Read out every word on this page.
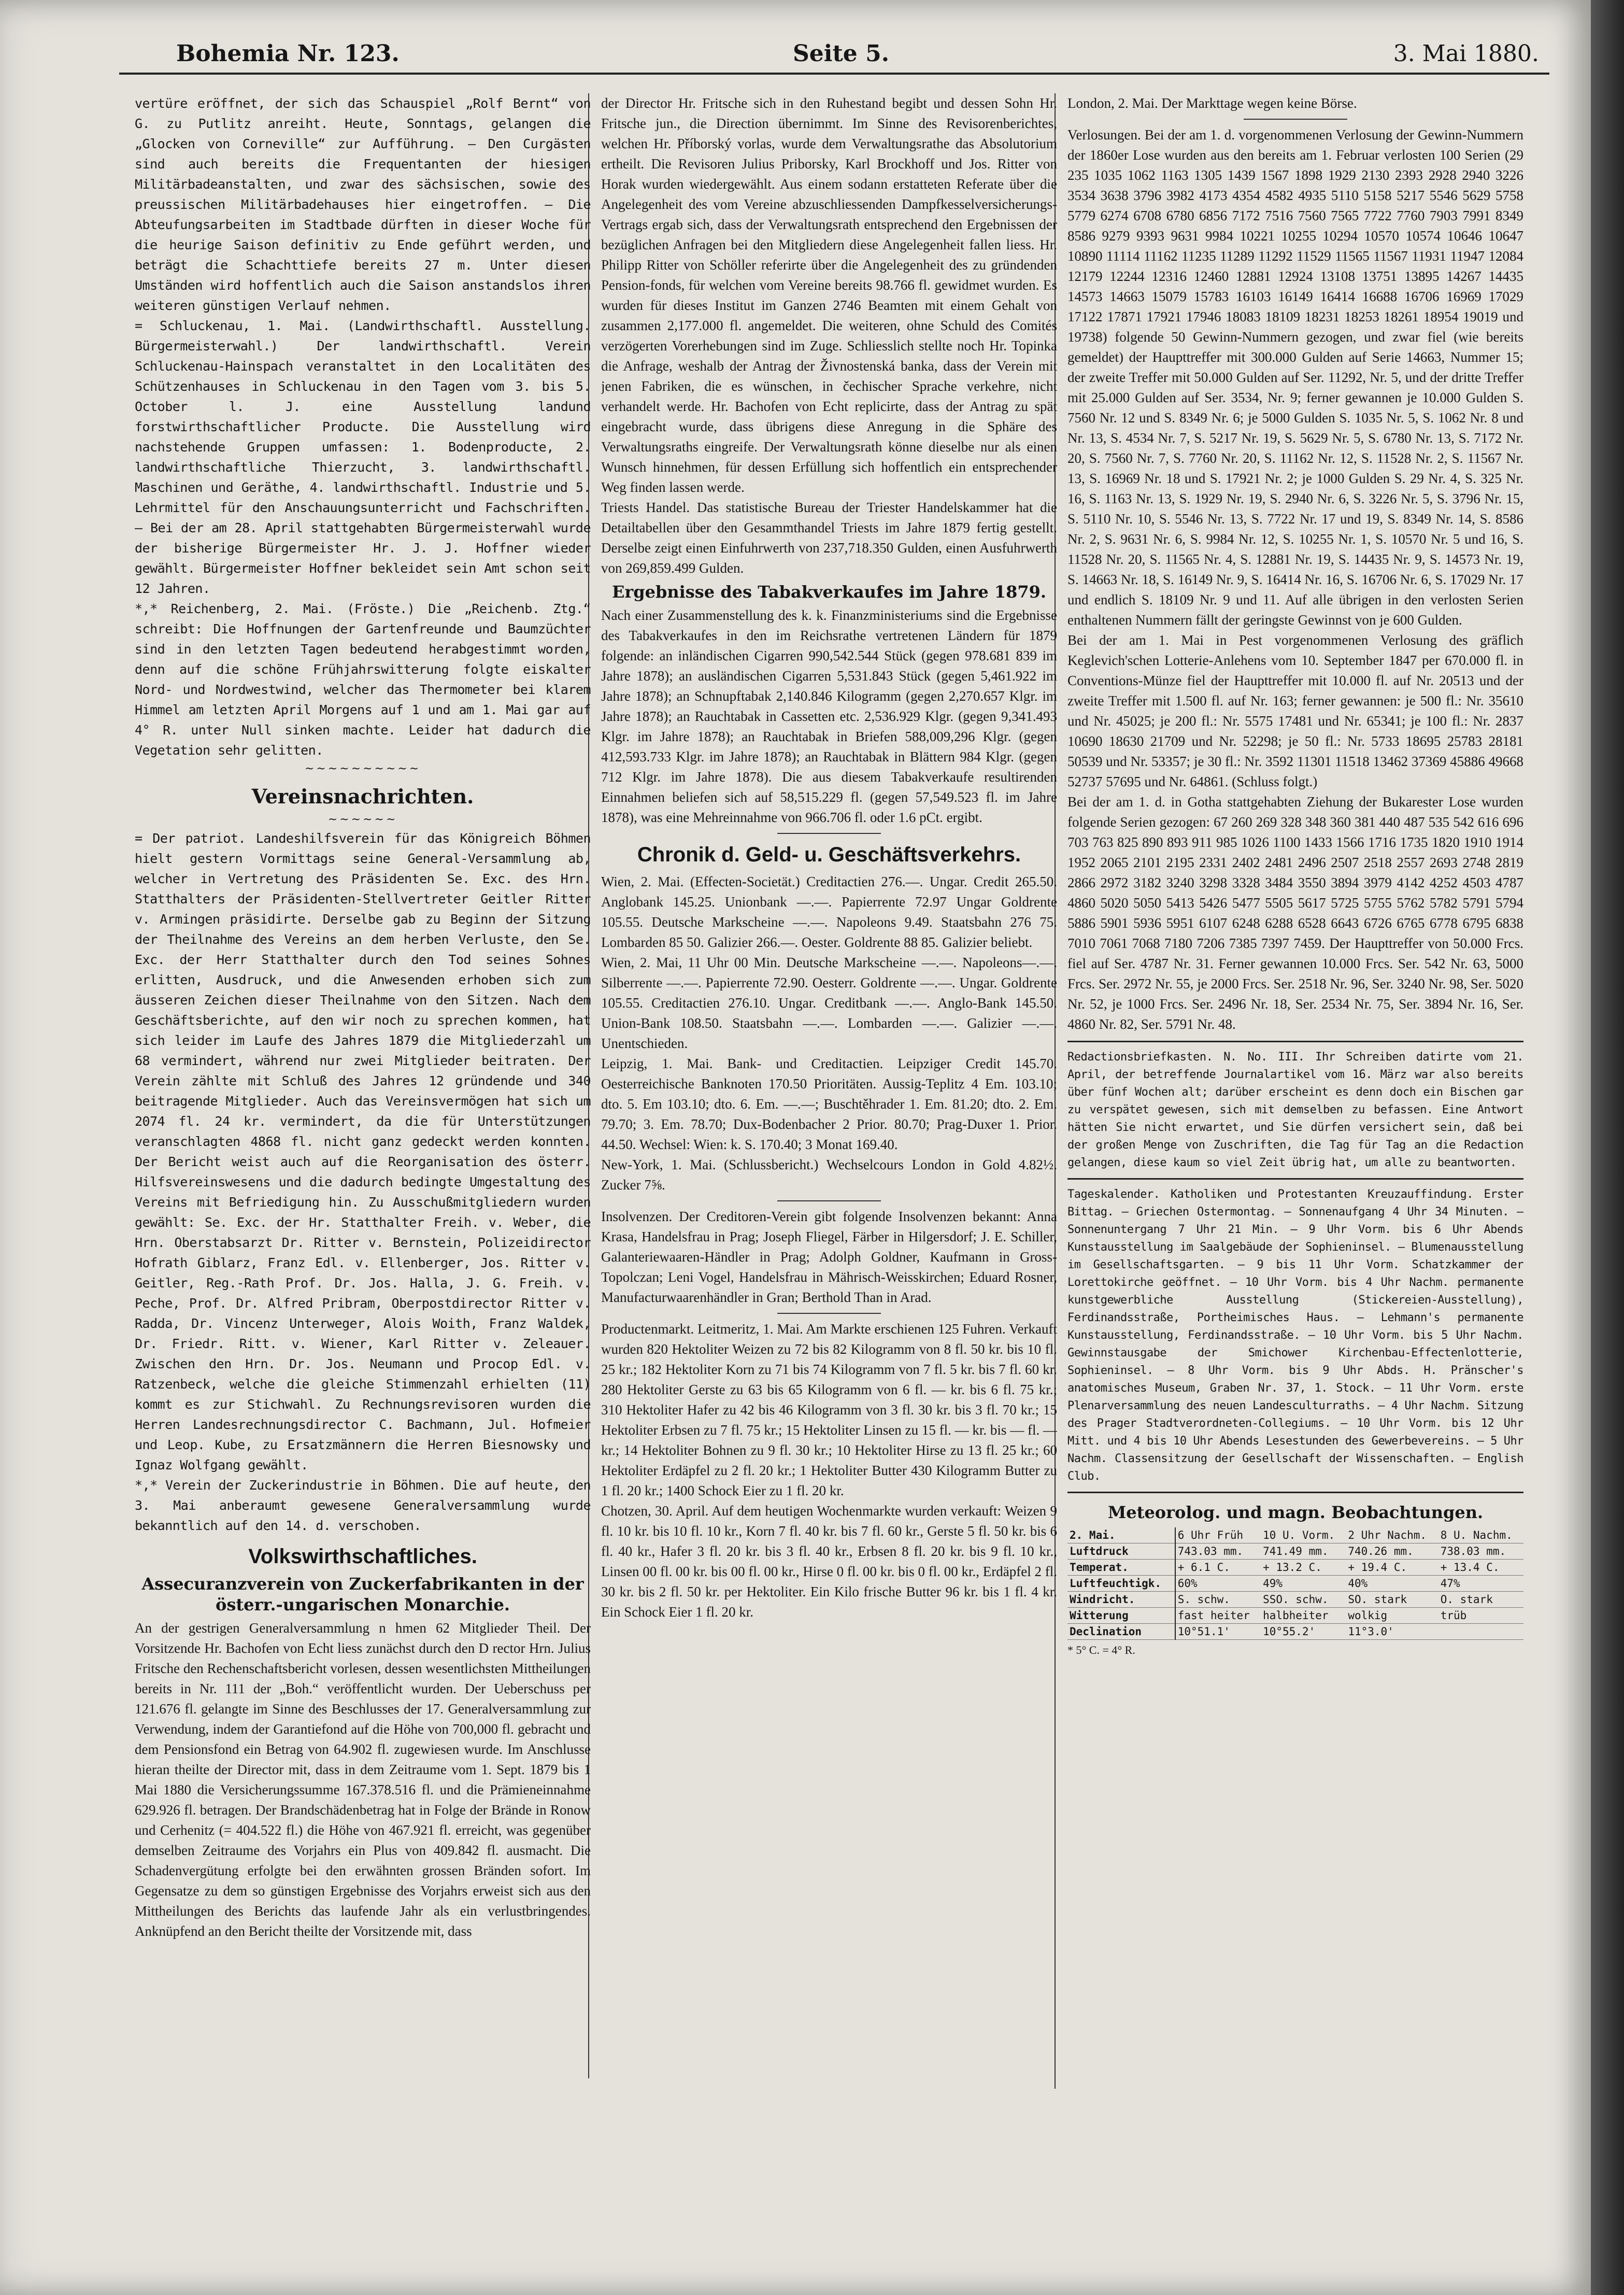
Bohemia Nr. 123.	Seite 5.	3. Mai 1880.

vertüre eröffnet, der sich das Schauspiel „Rolf Bernt“ von G. zu Putlitz anreiht. Heute, Sonntags, gelangen die „Glocken von Corneville“ zur Aufführung. — Den Curgästen sind auch bereits die Frequentanten der hiesigen Militärbadeanstalten, und zwar des sächsischen, sowie des preussischen Militärbadehauses hier eingetroffen. — Die Abteufungsarbeiten im Stadtbade dürften in dieser Woche für die heurige Saison definitiv zu Ende geführt werden, und beträgt die Schachttiefe bereits 27 m. Unter diesen Umständen wird hoffentlich auch die Saison anstandslos ihren weiteren günstigen Verlauf nehmen.

= Schluckenau, 1. Mai. (Landwirthschaftl. Ausstellung. Bürgermeisterwahl.) Der landwirthschaftl. Verein Schluckenau-Hainspach veranstaltet in den Localitäten des Schützenhauses in Schluckenau in den Tagen vom 3. bis 5. October l. J. eine Ausstellung landund forstwirthschaftlicher Producte. Die Ausstellung wird nachstehende Gruppen umfassen: 1. Bodenproducte, 2. landwirthschaftliche Thierzucht, 3. landwirthschaftl. Maschinen und Geräthe, 4. landwirthschaftl. Industrie und 5. Lehrmittel für den Anschauungsunterricht und Fachschriften. — Bei der am 28. April stattgehabten Bürgermeisterwahl wurde der bisherige Bürgermeister Hr. J. J. Hoffner wieder gewählt. Bürgermeister Hoffner bekleidet sein Amt schon seit 12 Jahren.

*,* Reichenberg, 2. Mai. (Fröste.) Die „Reichenb. Ztg.“ schreibt: Die Hoffnungen der Gartenfreunde und Baumzüchter sind in den letzten Tagen bedeutend herabgestimmt worden, denn auf die schöne Frühjahrswitterung folgte eiskalter Nord- und Nordwestwind, welcher das Thermometer bei klarem Himmel am letzten April Morgens auf 1 und am 1. Mai gar auf 4° R. unter Null sinken machte. Leider hat dadurch die Vegetation sehr gelitten.

~~~~~~~~~~
Vereinsnachrichten.
~~~~~~

= Der patriot. Landeshilfsverein für das Königreich Böhmen hielt gestern Vormittags seine General-Versammlung ab, welcher in Vertretung des Präsidenten Se. Exc. des Hrn. Statthalters der Präsidenten-Stellvertreter Geitler Ritter v. Armingen präsidirte. Derselbe gab zu Beginn der Sitzung der Theilnahme des Vereins an dem herben Verluste, den Se. Exc. der Herr Statthalter durch den Tod seines Sohnes erlitten, Ausdruck, und die Anwesenden erhoben sich zum äusseren Zeichen dieser Theilnahme von den Sitzen. Nach dem Geschäftsberichte, auf den wir noch zu sprechen kommen, hat sich leider im Laufe des Jahres 1879 die Mitgliederzahl um 68 vermindert, während nur zwei Mitglieder beitraten. Der Verein zählte mit Schluß des Jahres 12 gründende und 340 beitragende Mitglieder. Auch das Vereinsvermögen hat sich um 2074 fl. 24 kr. vermindert, da die für Unterstützungen veranschlagten 4868 fl. nicht ganz gedeckt werden konnten. Der Bericht weist auch auf die Reorganisation des österr. Hilfsvereinswesens und die dadurch bedingte Umgestaltung des Vereins mit Befriedigung hin. Zu Ausschußmitgliedern wurden gewählt: Se. Exc. der Hr. Statthalter Freih. v. Weber, die Hrn. Oberstabsarzt Dr. Ritter v. Bernstein, Polizeidirector Hofrath Giblarz, Franz Edl. v. Ellenberger, Jos. Ritter v. Geitler, Reg.-Rath Prof. Dr. Jos. Halla, J. G. Freih. v. Peche, Prof. Dr. Alfred Pribram, Oberpostdirector Ritter v. Radda, Dr. Vincenz Unterweger, Alois Woith, Franz Waldek, Dr. Friedr. Ritt. v. Wiener, Karl Ritter v. Zeleauer. Zwischen den Hrn. Dr. Jos. Neumann und Procop Edl. v. Ratzenbeck, welche die gleiche Stimmenzahl erhielten (11) kommt es zur Stichwahl. Zu Rechnungsrevisoren wurden die Herren Landesrechnungsdirector C. Bachmann, Jul. Hofmeier und Leop. Kube, zu Ersatzmännern die Herren Biesnowsky und Ignaz Wolfgang gewählt.

*,* Verein der Zuckerindustrie in Böhmen. Die auf heute, den 3. Mai anberaumt gewesene Generalversammlung wurde bekanntlich auf den 14. d. verschoben.

Volkswirthschaftliches.
Assecuranzverein von Zuckerfabrikanten in der österr.-ungarischen Monarchie.

An der gestrigen Generalversammlung n hmen 62 Mitglieder Theil. Der Vorsitzende Hr. Bachofen von Echt liess zunächst durch den D rector Hrn. Julius Fritsche den Rechenschaftsbericht vorlesen, dessen wesentlichsten Mittheilungen bereits in Nr. 111 der „Boh.“ veröffentlicht wurden. Der Ueberschuss per 121.676 fl. gelangte im Sinne des Beschlusses der 17. Generalversammlung zur Verwendung, indem der Garantiefond auf die Höhe von 700,000 fl. gebracht und dem Pensionsfond ein Betrag von 64.902 fl. zugewiesen wurde. Im Anschlusse hieran theilte der Director mit, dass in dem Zeitraume vom 1. Sept. 1879 bis 1 Mai 1880 die Versicherungssumme 167.378.516 fl. und die Prämieneinnahme 629.926 fl. betragen. Der Brandschädenbetrag hat in Folge der Brände in Ronow und Cerhenitz (= 404.522 fl.) die Höhe von 467.921 fl. erreicht, was gegenüber demselben Zeitraume des Vorjahrs ein Plus von 409.842 fl. ausmacht. Die Schadenvergütung erfolgte bei den erwähnten grossen Bränden sofort. Im Gegensatze zu dem so günstigen Ergebnisse des Vorjahrs erweist sich aus den Mittheilungen des Berichts das laufende Jahr als ein verlustbringendes. Anknüpfend an den Bericht theilte der Vorsitzende mit, dass

der Director Hr. Fritsche sich in den Ruhestand begibt und dessen Sohn Hr. Fritsche jun., die Direction übernimmt. Im Sinne des Revisorenberichtes, welchen Hr. Příborský vorlas, wurde dem Verwaltungsrathe das Absolutorium ertheilt. Die Revisoren Julius Priborsky, Karl Brockhoff und Jos. Ritter von Horak wurden wiedergewählt. Aus einem sodann erstatteten Referate über die Angelegenheit des vom Vereine abzuschliessenden Dampfkesselversicherungs-Vertrags ergab sich, dass der Verwaltungsrath entsprechend den Ergebnissen der bezüglichen Anfragen bei den Mitgliedern diese Angelegenheit fallen liess. Hr. Philipp Ritter von Schöller referirte über die Angelegenheit des zu gründenden Pension-fonds, für welchen vom Vereine bereits 98.766 fl. gewidmet wurden. Es wurden für dieses Institut im Ganzen 2746 Beamten mit einem Gehalt von zusammen 2,177.000 fl. angemeldet. Die weiteren, ohne Schuld des Comités verzögerten Vorerhebungen sind im Zuge. Schliesslich stellte noch Hr. Topinka die Anfrage, weshalb der Antrag der Živnostenská banka, dass der Verein mit jenen Fabriken, die es wünschen, in čechischer Sprache verkehre, nicht verhandelt werde. Hr. Bachofen von Echt replicirte, dass der Antrag zu spät eingebracht wurde, dass übrigens diese Anregung in die Sphäre des Verwaltungsraths eingreife. Der Verwaltungsrath könne dieselbe nur als einen Wunsch hinnehmen, für dessen Erfüllung sich hoffentlich ein entsprechender Weg finden lassen werde.

Triests Handel. Das statistische Bureau der Triester Handelskammer hat die Detailtabellen über den Gesammthandel Triests im Jahre 1879 fertig gestellt. Derselbe zeigt einen Einfuhrwerth von 237,718.350 Gulden, einen Ausfuhrwerth von 269,859.499 Gulden.

Ergebnisse des Tabakverkaufes im Jahre 1879.

Nach einer Zusammenstellung des k. k. Finanzministeriums sind die Ergebnisse des Tabakverkaufes in den im Reichsrathe vertretenen Ländern für 1879 folgende: an inländischen Cigarren 990,542.544 Stück (gegen 978.681 839 im Jahre 1878); an ausländischen Cigarren 5,531.843 Stück (gegen 5,461.922 im Jahre 1878); an Schnupftabak 2,140.846 Kilogramm (gegen 2,270.657 Klgr. im Jahre 1878); an Rauchtabak in Cassetten etc. 2,536.929 Klgr. (gegen 9,341.493 Klgr. im Jahre 1878); an Rauchtabak in Briefen 588,009,296 Klgr. (gegen 412,593.733 Klgr. im Jahre 1878); an Rauchtabak in Blättern 984 Klgr. (gegen 712 Klgr. im Jahre 1878). Die aus diesem Tabakverkaufe resultirenden Einnahmen beliefen sich auf 58,515.229 fl. (gegen 57,549.523 fl. im Jahre 1878), was eine Mehreinnahme von 966.706 fl. oder 1.6 pCt. ergibt.

Chronik d. Geld- u. Geschäftsverkehrs.

Wien, 2. Mai. (Effecten-Societät.) Creditactien 276.—. Ungar. Credit 265.50. Anglobank 145.25. Unionbank —.—. Papierrente 72.97 Ungar Goldrente 105.55. Deutsche Markscheine —.—. Napoleons 9.49. Staatsbahn 276 75. Lombarden 85 50. Galizier 266.—. Oester. Goldrente 88 85. Galizier beliebt.

Wien, 2. Mai, 11 Uhr 00 Min. Deutsche Markscheine —.—. Napoleons—.—. Silberrente —.—. Papierrente 72.90. Oesterr. Goldrente —.—. Ungar. Goldrente 105.55. Creditactien 276.10. Ungar. Creditbank —.—. Anglo-Bank 145.50. Union-Bank 108.50. Staatsbahn —.—. Lombarden —.—. Galizier —.—. Unentschieden.

Leipzig, 1. Mai. Bank- und Creditactien. Leipziger Credit 145.70. Oesterreichische Banknoten 170.50 Prioritäten. Aussig-Teplitz 4 Em. 103.10; dto. 5. Em 103.10; dto. 6. Em. —.—; Buschtěhrader 1. Em. 81.20; dto. 2. Em. 79.70; 3. Em. 78.70; Dux-Bodenbacher 2 Prior. 80.70; Prag-Duxer 1. Prior. 44.50. Wechsel: Wien: k. S. 170.40; 3 Monat 169.40.

New-York, 1. Mai. (Schlussbericht.) Wechselcours London in Gold 4.82½. Zucker 7⅝.

Insolvenzen. Der Creditoren-Verein gibt folgende Insolvenzen bekannt: Anna Krasa, Handelsfrau in Prag; Joseph Fliegel, Färber in Hilgersdorf; J. E. Schiller, Galanteriewaaren-Händler in Prag; Adolph Goldner, Kaufmann in Gross-Topolczan; Leni Vogel, Handelsfrau in Mährisch-Weisskirchen; Eduard Rosner, Manufacturwaarenhändler in Gran; Berthold Than in Arad.

Productenmarkt. Leitmeritz, 1. Mai. Am Markte erschienen 125 Fuhren. Verkauft wurden 820 Hektoliter Weizen zu 72 bis 82 Kilogramm von 8 fl. 50 kr. bis 10 fl. 25 kr.; 182 Hektoliter Korn zu 71 bis 74 Kilogramm von 7 fl. 5 kr. bis 7 fl. 60 kr. 280 Hektoliter Gerste zu 63 bis 65 Kilogramm von 6 fl. — kr. bis 6 fl. 75 kr.; 310 Hektoliter Hafer zu 42 bis 46 Kilogramm von 3 fl. 30 kr. bis 3 fl. 70 kr.; 15 Hektoliter Erbsen zu 7 fl. 75 kr.; 15 Hektoliter Linsen zu 15 fl. — kr. bis — fl. — kr.; 14 Hektoliter Bohnen zu 9 fl. 30 kr.; 10 Hektoliter Hirse zu 13 fl. 25 kr.; 60 Hektoliter Erdäpfel zu 2 fl. 20 kr.; 1 Hektoliter Butter 430 Kilogramm Butter zu 1 fl. 20 kr.; 1400 Schock Eier zu 1 fl. 20 kr.

Chotzen, 30. April. Auf dem heutigen Wochenmarkte wurden verkauft: Weizen 9 fl. 10 kr. bis 10 fl. 10 kr., Korn 7 fl. 40 kr. bis 7 fl. 60 kr., Gerste 5 fl. 50 kr. bis 6 fl. 40 kr., Hafer 3 fl. 20 kr. bis 3 fl. 40 kr., Erbsen 8 fl. 20 kr. bis 9 fl. 10 kr., Linsen 00 fl. 00 kr. bis 00 fl. 00 kr., Hirse 0 fl. 00 kr. bis 0 fl. 00 kr., Erdäpfel 2 fl. 30 kr. bis 2 fl. 50 kr. per Hektoliter. Ein Kilo frische Butter 96 kr. bis 1 fl. 4 kr. Ein Schock Eier 1 fl. 20 kr.

London, 2. Mai. Der Markttage wegen keine Börse.

Verlosungen. Bei der am 1. d. vorgenommenen Verlosung der Gewinn-Nummern der 1860er Lose wurden aus den bereits am 1. Februar verlosten 100 Serien (29 235 1035 1062 1163 1305 1439 1567 1898 1929 2130 2393 2928 2940 3226 3534 3638 3796 3982 4173 4354 4582 4935 5110 5158 5217 5546 5629 5758 5779 6274 6708 6780 6856 7172 7516 7560 7565 7722 7760 7903 7991 8349 8586 9279 9393 9631 9984 10221 10255 10294 10570 10574 10646 10647 10890 11114 11162 11235 11289 11292 11529 11565 11567 11931 11947 12084 12179 12244 12316 12460 12881 12924 13108 13751 13895 14267 14435 14573 14663 15079 15783 16103 16149 16414 16688 16706 16969 17029 17122 17871 17921 17946 18083 18109 18231 18253 18261 18954 19019 und 19738) folgende 50 Gewinn-Nummern gezogen, und zwar fiel (wie bereits gemeldet) der Haupttreffer mit 300.000 Gulden auf Serie 14663, Nummer 15; der zweite Treffer mit 50.000 Gulden auf Ser. 11292, Nr. 5, und der dritte Treffer mit 25.000 Gulden auf Ser. 3534, Nr. 9; ferner gewannen je 10.000 Gulden S. 7560 Nr. 12 und S. 8349 Nr. 6; je 5000 Gulden S. 1035 Nr. 5, S. 1062 Nr. 8 und Nr. 13, S. 4534 Nr. 7, S. 5217 Nr. 19, S. 5629 Nr. 5, S. 6780 Nr. 13, S. 7172 Nr. 20, S. 7560 Nr. 7, S. 7760 Nr. 20, S. 11162 Nr. 12, S. 11528 Nr. 2, S. 11567 Nr. 13, S. 16969 Nr. 18 und S. 17921 Nr. 2; je 1000 Gulden S. 29 Nr. 4, S. 325 Nr. 16, S. 1163 Nr. 13, S. 1929 Nr. 19, S. 2940 Nr. 6, S. 3226 Nr. 5, S. 3796 Nr. 15, S. 5110 Nr. 10, S. 5546 Nr. 13, S. 7722 Nr. 17 und 19, S. 8349 Nr. 14, S. 8586 Nr. 2, S. 9631 Nr. 6, S. 9984 Nr. 12, S. 10255 Nr. 1, S. 10570 Nr. 5 und 16, S. 11528 Nr. 20, S. 11565 Nr. 4, S. 12881 Nr. 19, S. 14435 Nr. 9, S. 14573 Nr. 19, S. 14663 Nr. 18, S. 16149 Nr. 9, S. 16414 Nr. 16, S. 16706 Nr. 6, S. 17029 Nr. 17 und endlich S. 18109 Nr. 9 und 11. Auf alle übrigen in den verlosten Serien enthaltenen Nummern fällt der geringste Gewinnst von je 600 Gulden.

Bei der am 1. Mai in Pest vorgenommenen Verlosung des gräflich Keglevich'schen Lotterie-Anlehens vom 10. September 1847 per 670.000 fl. in Conventions-Münze fiel der Haupttreffer mit 10.000 fl. auf Nr. 20513 und der zweite Treffer mit 1.500 fl. auf Nr. 163; ferner gewannen: je 500 fl.: Nr. 35610 und Nr. 45025; je 200 fl.: Nr. 5575 17481 und Nr. 65341; je 100 fl.: Nr. 2837 10690 18630 21709 und Nr. 52298; je 50 fl.: Nr. 5733 18695 25783 28181 50539 und Nr. 53357; je 30 fl.: Nr. 3592 11301 11518 13462 37369 45886 49668 52737 57695 und Nr. 64861. (Schluss folgt.)

Bei der am 1. d. in Gotha stattgehabten Ziehung der Bukarester Lose wurden folgende Serien gezogen: 67 260 269 328 348 360 381 440 487 535 542 616 696 703 763 825 890 893 911 985 1026 1100 1433 1566 1716 1735 1820 1910 1914 1952 2065 2101 2195 2331 2402 2481 2496 2507 2518 2557 2693 2748 2819 2866 2972 3182 3240 3298 3328 3484 3550 3894 3979 4142 4252 4503 4787 4860 5020 5050 5413 5426 5477 5505 5617 5725 5755 5762 5782 5791 5794 5886 5901 5936 5951 6107 6248 6288 6528 6643 6726 6765 6778 6795 6838 7010 7061 7068 7180 7206 7385 7397 7459. Der Haupttreffer von 50.000 Frcs. fiel auf Ser. 4787 Nr. 31. Ferner gewannen 10.000 Frcs. Ser. 542 Nr. 63, 5000 Frcs. Ser. 2972 Nr. 55, je 2000 Frcs. Ser. 2518 Nr. 96, Ser. 3240 Nr. 98, Ser. 5020 Nr. 52, je 1000 Frcs. Ser. 2496 Nr. 18, Ser. 2534 Nr. 75, Ser. 3894 Nr. 16, Ser. 4860 Nr. 82, Ser. 5791 Nr. 48.

Redactionsbriefkasten. N. No. III. Ihr Schreiben datirte vom 21. April, der betreffende Journalartikel vom 16. März war also bereits über fünf Wochen alt; darüber erscheint es denn doch ein Bischen gar zu verspätet gewesen, sich mit demselben zu befassen. Eine Antwort hätten Sie nicht erwartet, und Sie dürfen versichert sein, daß bei der großen Menge von Zuschriften, die Tag für Tag an die Redaction gelangen, diese kaum so viel Zeit übrig hat, um alle zu beantworten.

Tageskalender. Katholiken und Protestanten Kreuzauffindung. Erster Bittag. — Griechen Ostermontag. — Sonnenaufgang 4 Uhr 34 Minuten. — Sonnenuntergang 7 Uhr 21 Min. — 9 Uhr Vorm. bis 6 Uhr Abends Kunstausstellung im Saalgebäude der Sophieninsel. — Blumenausstellung im Gesellschaftsgarten. — 9 bis 11 Uhr Vorm. Schatzkammer der Lorettokirche geöffnet. — 10 Uhr Vorm. bis 4 Uhr Nachm. permanente kunstgewerbliche Ausstellung (Stickereien-Ausstellung), Ferdinandsstraße, Portheimisches Haus. — Lehmann's permanente Kunstausstellung, Ferdinandsstraße. — 10 Uhr Vorm. bis 5 Uhr Nachm. Gewinnstausgabe der Smichower Kirchenbau-Effectenlotterie, Sophieninsel. — 8 Uhr Vorm. bis 9 Uhr Abds. H. Pränscher's anatomisches Museum, Graben Nr. 37, 1. Stock. — 11 Uhr Vorm. erste Plenarversammlung des neuen Landesculturraths. — 4 Uhr Nachm. Sitzung des Prager Stadtverordneten-Collegiums. — 10 Uhr Vorm. bis 12 Uhr Mitt. und 4 bis 10 Uhr Abends Lesestunden des Gewerbevereins. — 5 Uhr Nachm. Classensitzung der Gesellschaft der Wissenschaften. — English Club.

Meteorolog. und magn. Beobachtungen.
2. Mai.	6 Uhr Früh	10 U. Vorm.	2 Uhr Nachm.	8 U. Nachm.
Luftdruck	743.03 mm.	741.49 mm.	740.26 mm.	738.03 mm.
Temperat.	+ 6.1 C.	+ 13.2 C.	+ 19.4 C.	+ 13.4 C.
Luftfeuchtigk.	60%	49%	40%	47%
Windricht.	S. schw.	SSO. schw.	SO. stark	O. stark
Witterung	fast heiter	halbheiter	wolkig	trüb
Declination	10°51.1'	10°55.2'	11°3.0'	

* 5° C. = 4° R.
